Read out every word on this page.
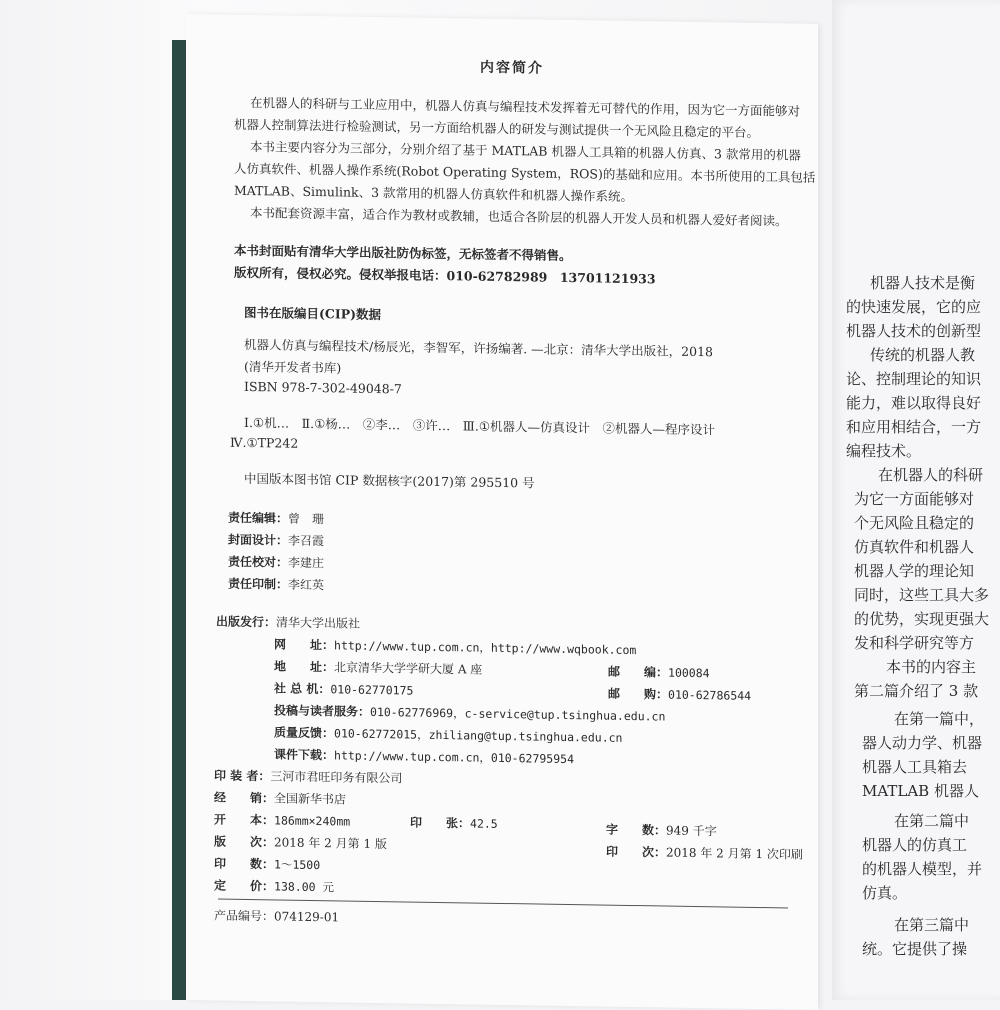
内容简介
在机器人的科研与工业应用中，机器人仿真与编程技术发挥着无可替代的作用，因为它一方面能够对
机器人控制算法进行检验测试，另一方面给机器人的研发与测试提供一个无风险且稳定的平台。
本书主要内容分为三部分，分别介绍了基于 MATLAB 机器人工具箱的机器人仿真、3 款常用的机器
人仿真软件、机器人操作系统(Robot Operating System，ROS)的基础和应用。本书所使用的工具包括
MATLAB、Simulink、3 款常用的机器人仿真软件和机器人操作系统。
本书配套资源丰富，适合作为教材或教辅，也适合各阶层的机器人开发人员和机器人爱好者阅读。
本书封面贴有清华大学出版社防伪标签，无标签者不得销售。
版权所有，侵权必究。侵权举报电话：010-62782989　13701121933
图书在版编目(CIP)数据
机器人仿真与编程技术/杨辰光，李智军，许扬编著. —北京：清华大学出版社，2018
(清华开发者书库)
ISBN 978-7-302-49048-7
Ⅰ.①机…　Ⅱ.①杨…　②李…　③许…　Ⅲ.①机器人—仿真设计　②机器人—程序设计
Ⅳ.①TP242
中国版本图书馆 CIP 数据核字(2017)第 295510 号
责任编辑：曾　珊
封面设计：李召霞
责任校对：李建庄
责任印制：李红英
出版发行：清华大学出版社
网　　址：http://www.tup.com.cn，http://www.wqbook.com
地　　址：北京清华大学学研大厦 A 座	邮　　编：100084
社 总 机：010-62770175	邮　　购：010-62786544
投稿与读者服务：010-62776969，c-service@tup.tsinghua.edu.cn
质量反馈：010-62772015，zhiliang@tup.tsinghua.edu.cn
课件下载：http://www.tup.com.cn，010-62795954
印 装 者：三河市君旺印务有限公司
经　　销：全国新华书店
开　　本：186mm×240mm	印　　张：42.5	字　　数：949 千字
版　　次：2018 年 2 月第 1 版
印　　次：2018 年 2 月第 1 次印刷
印　　数：1～1500
定　　价：138.00 元
产品编号：074129-01
机器人技术是衡
的快速发展，它的应
机器人技术的创新型
传统的机器人教
论、控制理论的知识
能力，难以取得良好
和应用相结合，一方
编程技术。
在机器人的科研
为它一方面能够对
个无风险且稳定的
仿真软件和机器人
机器人学的理论知
同时，这些工具大多
的优势，实现更强大
发和科学研究等方
本书的内容主
第二篇介绍了 3 款
在第一篇中，
器人动力学、机器
机器人工具箱去
MATLAB 机器人
在第二篇中
机器人的仿真工
的机器人模型，并
仿真。
在第三篇中
统。它提供了操
